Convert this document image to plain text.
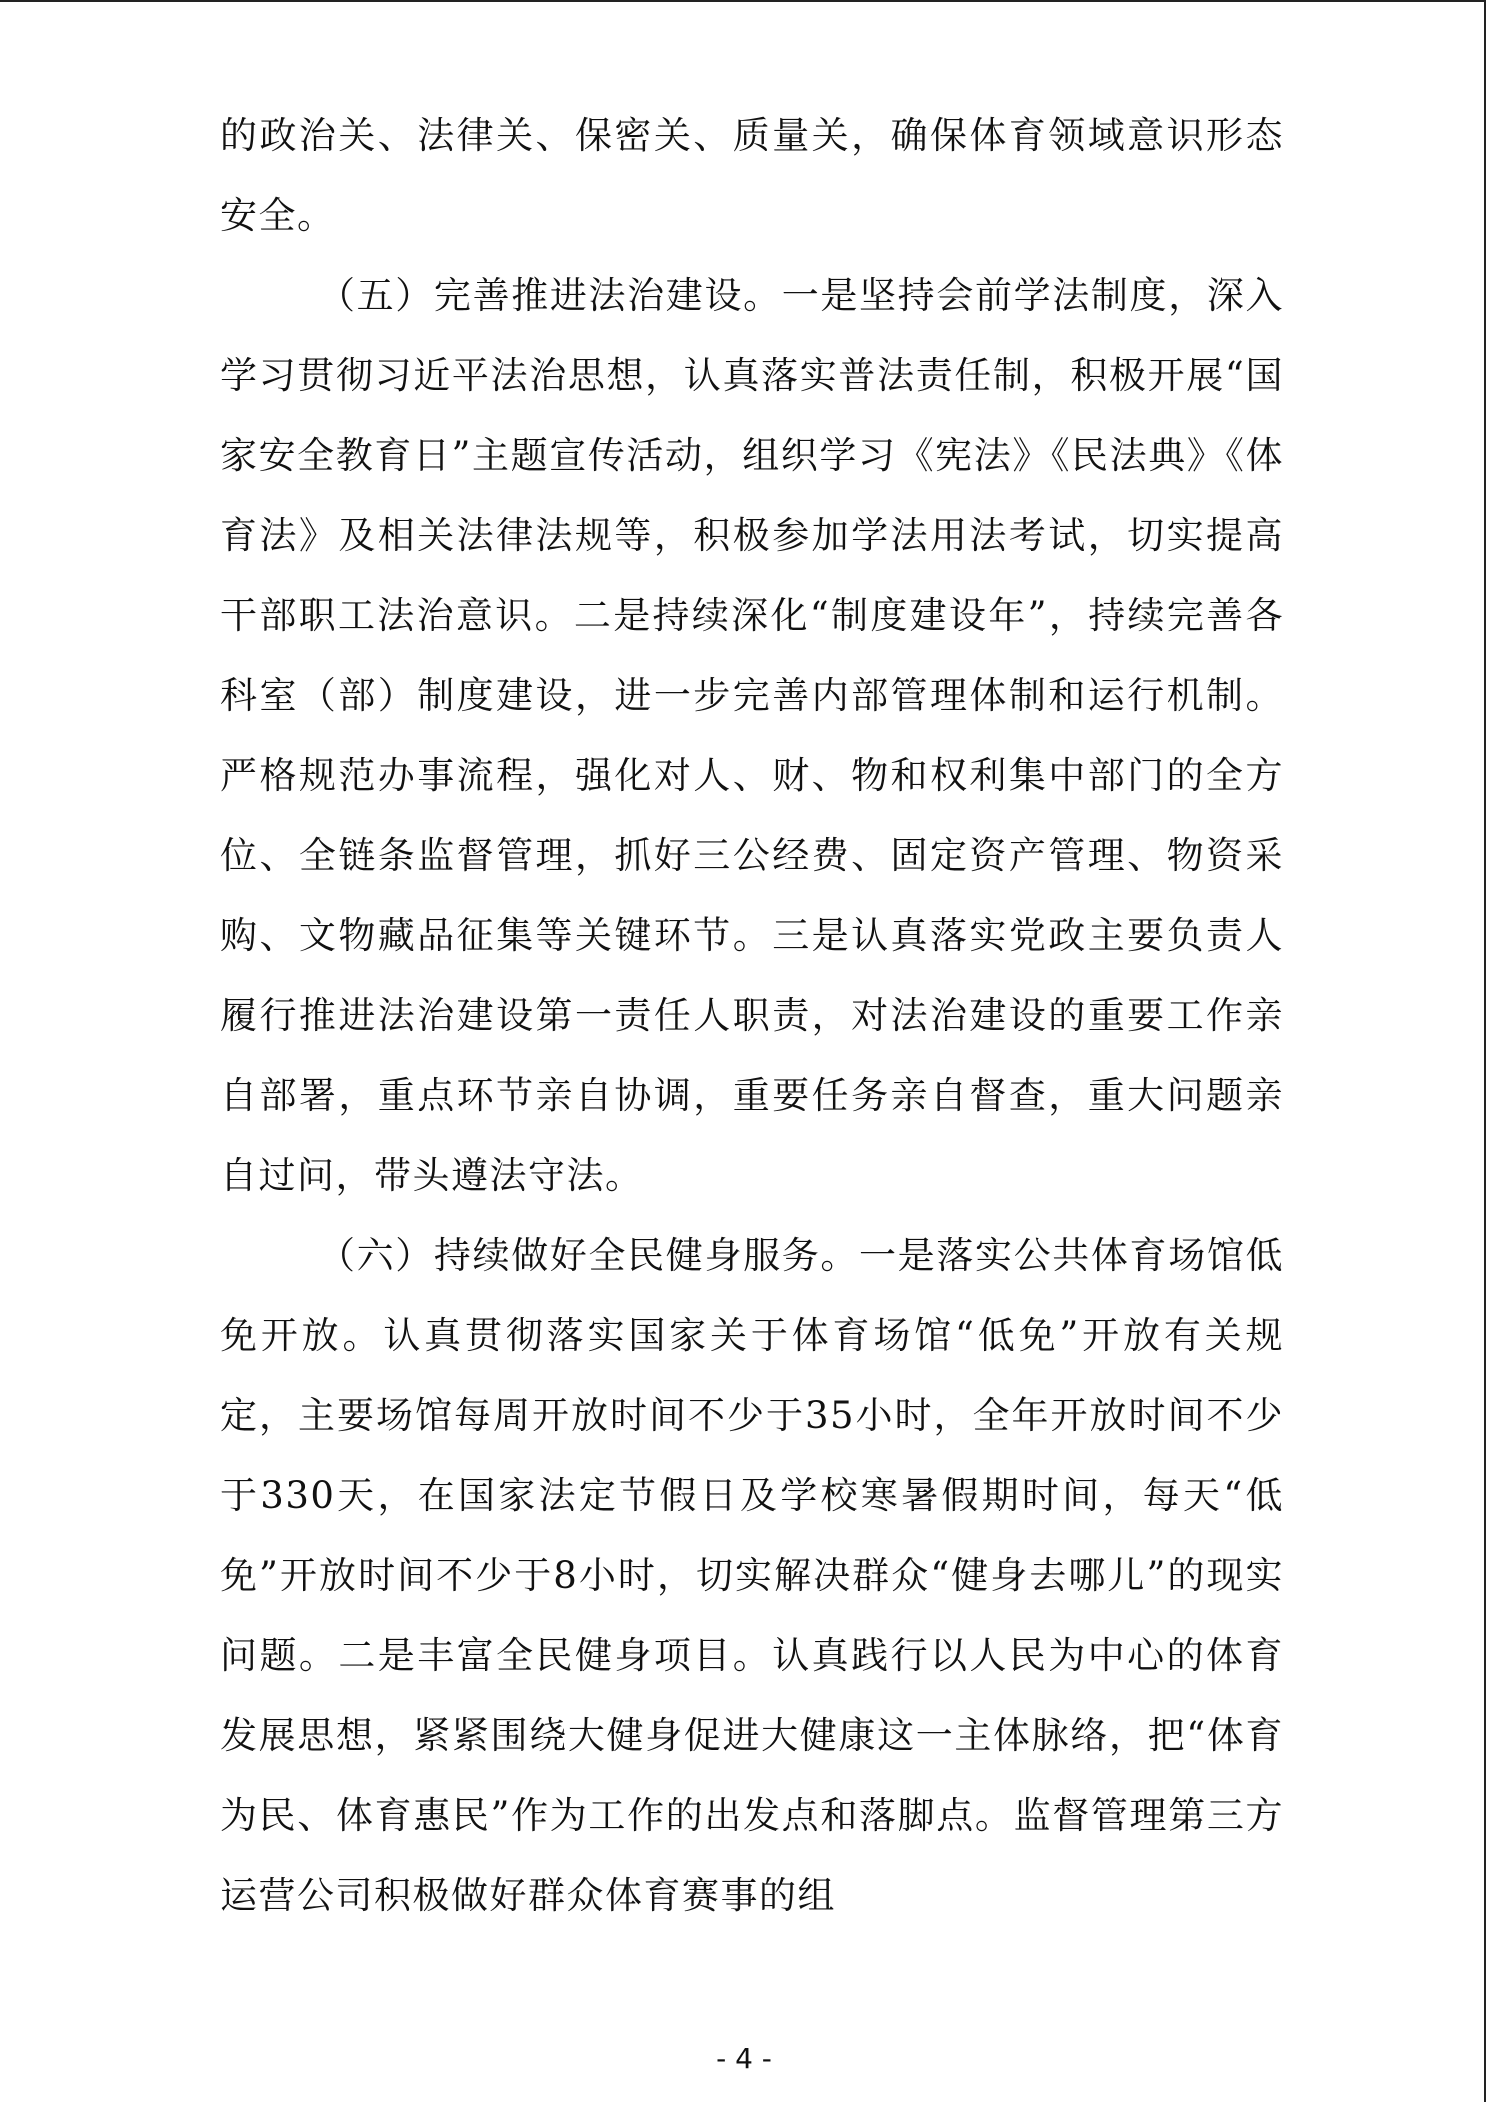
的政治关、法律关、保密关、质量关，确保体育领域意识形态安全。

（五）完善推进法治建设。一是坚持会前学法制度，深入学习贯彻习近平法治思想，认真落实普法责任制，积极开展“国家安全教育日”主题宣传活动，组织学习《宪法》《民法典》《体育法》及相关法律法规等，积极参加学法用法考试，切实提高干部职工法治意识。二是持续深化“制度建设年”，持续完善各科室（部）制度建设，进一步完善内部管理体制和运行机制。严格规范办事流程，强化对人、财、物和权利集中部门的全方位、全链条监督管理，抓好三公经费、固定资产管理、物资采购、文物藏品征集等关键环节。三是认真落实党政主要负责人履行推进法治建设第一责任人职责，对法治建设的重要工作亲自部署，重点环节亲自协调，重要任务亲自督查，重大问题亲自过问，带头遵法守法。

（六）持续做好全民健身服务。一是落实公共体育场馆低免开放。认真贯彻落实国家关于体育场馆“低免”开放有关规定，主要场馆每周开放时间不少于35小时，全年开放时间不少于330天，在国家法定节假日及学校寒暑假期时间，每天“低免”开放时间不少于8小时，切实解决群众“健身去哪儿”的现实问题。二是丰富全民健身项目。认真践行以人民为中心的体育发展思想，紧紧围绕大健身促进大健康这一主体脉络，把“体育为民、体育惠民”作为工作的出发点和落脚点。监督管理第三方运营公司积极做好群众体育赛事的组

- 4 -
